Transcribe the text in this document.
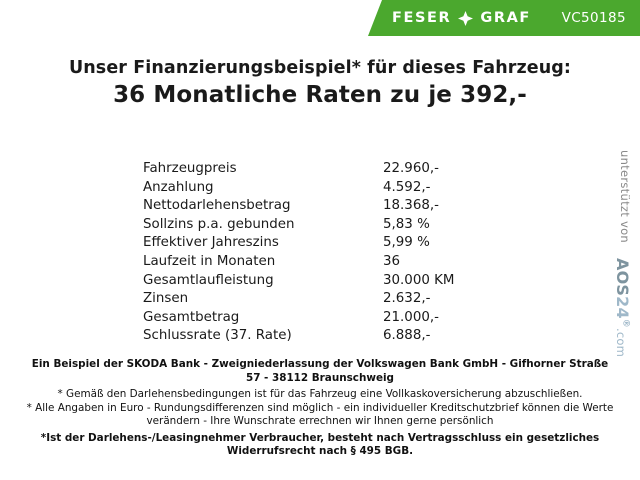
FESER GRAF VC50185
Unser Finanzierungsbeispiel* für dieses Fahrzeug:
36 Monatliche Raten zu je 392,-
Fahrzeugpreis	22.960,-
Anzahlung	4.592,-
Nettodarlehensbetrag	18.368,-
Sollzins p.a. gebunden	5,83 %
Effektiver Jahreszins	5,99 %
Laufzeit in Monaten	36
Gesamtlaufleistung	30.000 KM
Zinsen	2.632,-
Gesamtbetrag	21.000,-
Schlussrate (37. Rate)	6.888,-
unterstützt von
AOS24®.com

Ein Beispiel der SKODA Bank - Zweigniederlassung der Volkswagen Bank GmbH - Gifhorner Straße 57 - 38112 Braunschweig

* Gemäß den Darlehensbedingungen ist für das Fahrzeug eine Vollkaskoversicherung abzuschließen.

* Alle Angaben in Euro - Rundungsdifferenzen sind möglich - ein individueller Kreditschutzbrief können die Werte verändern - Ihre Wunschrate errechnen wir Ihnen gerne persönlich

*Ist der Darlehens-/Leasingnehmer Verbraucher, besteht nach Vertragsschluss ein gesetzliches Widerrufsrecht nach § 495 BGB.
